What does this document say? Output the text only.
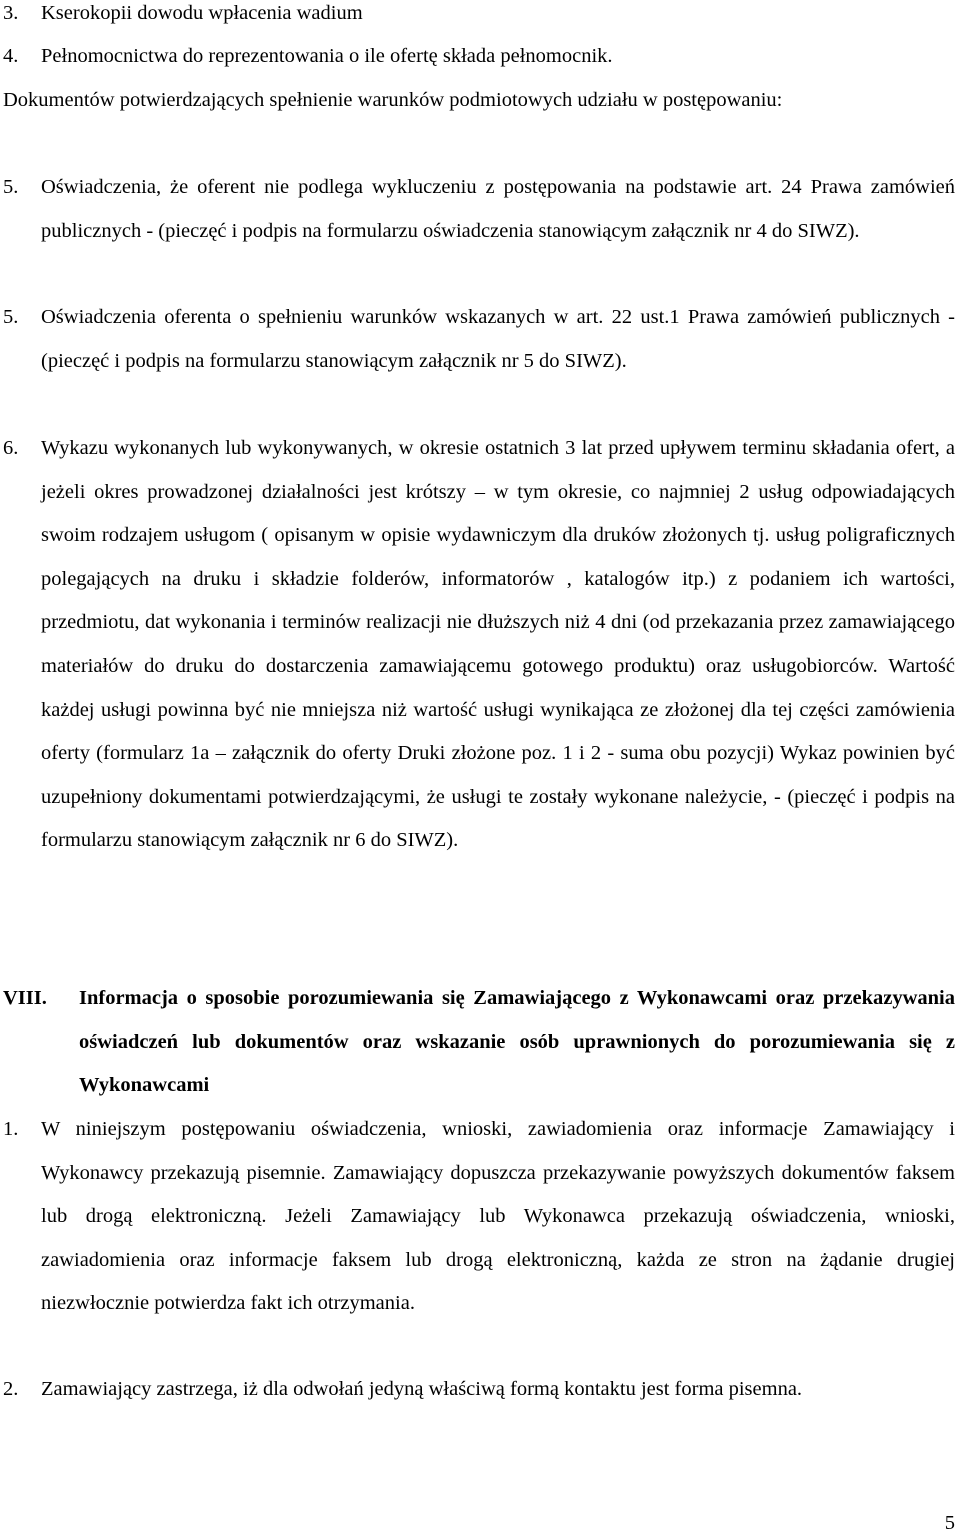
3. Kserokopii dowodu wpłacenia wadium
4. Pełnomocnictwa do reprezentowania o ile ofertę składa pełnomocnik.

Dokumentów potwierdzających spełnienie warunków podmiotowych udziału w postępowaniu:

5. Oświadczenia, że oferent nie podlega wykluczeniu z postępowania na podstawie art. 24 Prawa zamówień publicznych - (pieczęć i podpis na formularzu oświadczenia stanowiącym załącznik nr 4 do SIWZ).
5. Oświadczenia oferenta o spełnieniu warunków wskazanych w art. 22 ust.1 Prawa zamówień publicznych - (pieczęć i podpis na formularzu stanowiącym załącznik nr 5 do SIWZ).
6. Wykazu wykonanych lub wykonywanych, w okresie ostatnich 3 lat przed upływem terminu składania ofert, a jeżeli okres prowadzonej działalności jest krótszy – w tym okresie, co najmniej 2 usług odpowiadających swoim rodzajem usługom ( opisanym w opisie wydawniczym dla druków złożonych tj. usług poligraficznych polegających na druku i składzie folderów, informatorów , katalogów itp.) z podaniem ich wartości, przedmiotu, dat wykonania i terminów realizacji nie dłuższych niż 4 dni (od przekazania przez zamawiającego materiałów do druku do dostarczenia zamawiającemu gotowego produktu) oraz usługobiorców. Wartość każdej usługi powinna być nie mniejsza niż wartość usługi wynikająca ze złożonej dla tej części zamówienia oferty (formularz 1a – załącznik do oferty Druki złożone poz. 1 i 2 - suma obu pozycji) Wykaz powinien być uzupełniony dokumentami potwierdzającymi, że usługi te zostały wykonane należycie, - (pieczęć i podpis na formularzu stanowiącym załącznik nr 6 do SIWZ).
VIII. Informacja o sposobie porozumiewania się Zamawiającego z Wykonawcami oraz przekazywania oświadczeń lub dokumentów oraz wskazanie osób uprawnionych do porozumiewania się z Wykonawcami
1. W niniejszym postępowaniu oświadczenia, wnioski, zawiadomienia oraz informacje Zamawiający i Wykonawcy przekazują pisemnie. Zamawiający dopuszcza przekazywanie powyższych dokumentów faksem lub drogą elektroniczną. Jeżeli Zamawiający lub Wykonawca przekazują oświadczenia, wnioski, zawiadomienia oraz informacje faksem lub drogą elektroniczną, każda ze stron na żądanie drugiej niezwłocznie potwierdza fakt ich otrzymania.
2. Zamawiający zastrzega, iż dla odwołań jedyną właściwą formą kontaktu jest forma pisemna.
5
